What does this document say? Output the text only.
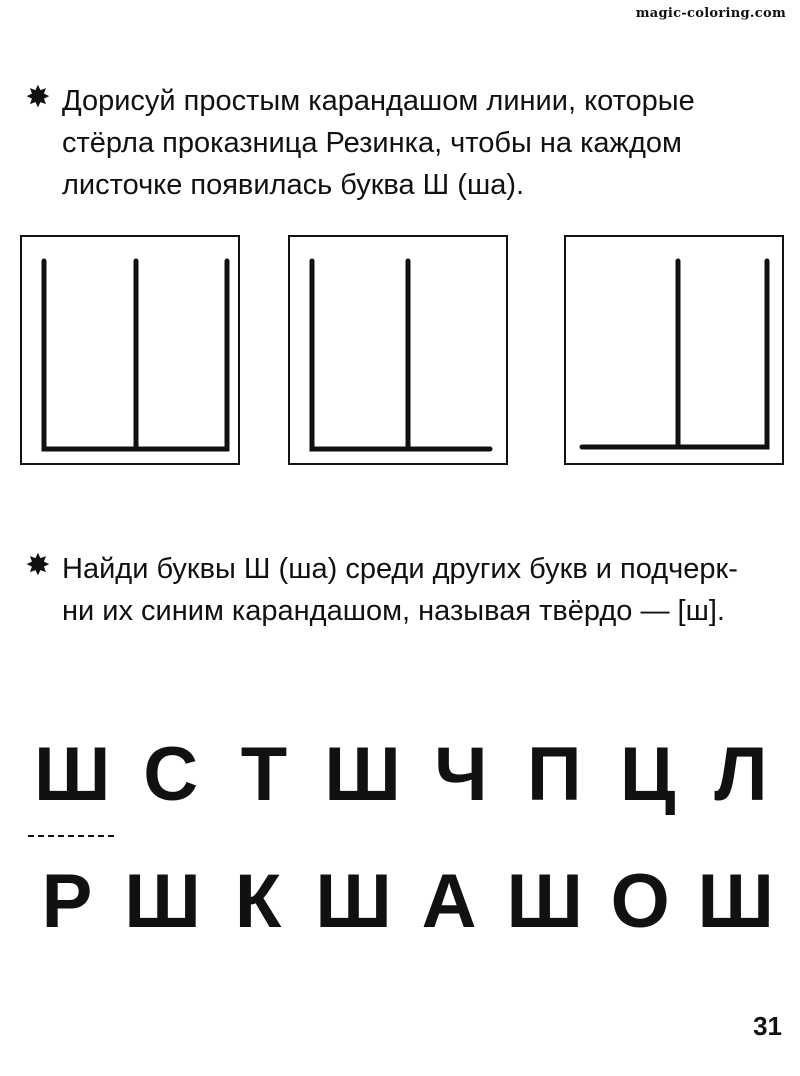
magic-coloring.com
✸ Дорисуй простым карандашом линии, которые
стёрла проказница Резинка, чтобы на каждом
листочке появилась буква Ш (ша).
✸ Найди буквы Ш (ша) среди других букв и подчерк-
ни их синим карандашом, называя твёрдо — [ш].
Ш С Т Ш Ч П Ц Л
Р Ш К Ш А Ш О Ш
31
